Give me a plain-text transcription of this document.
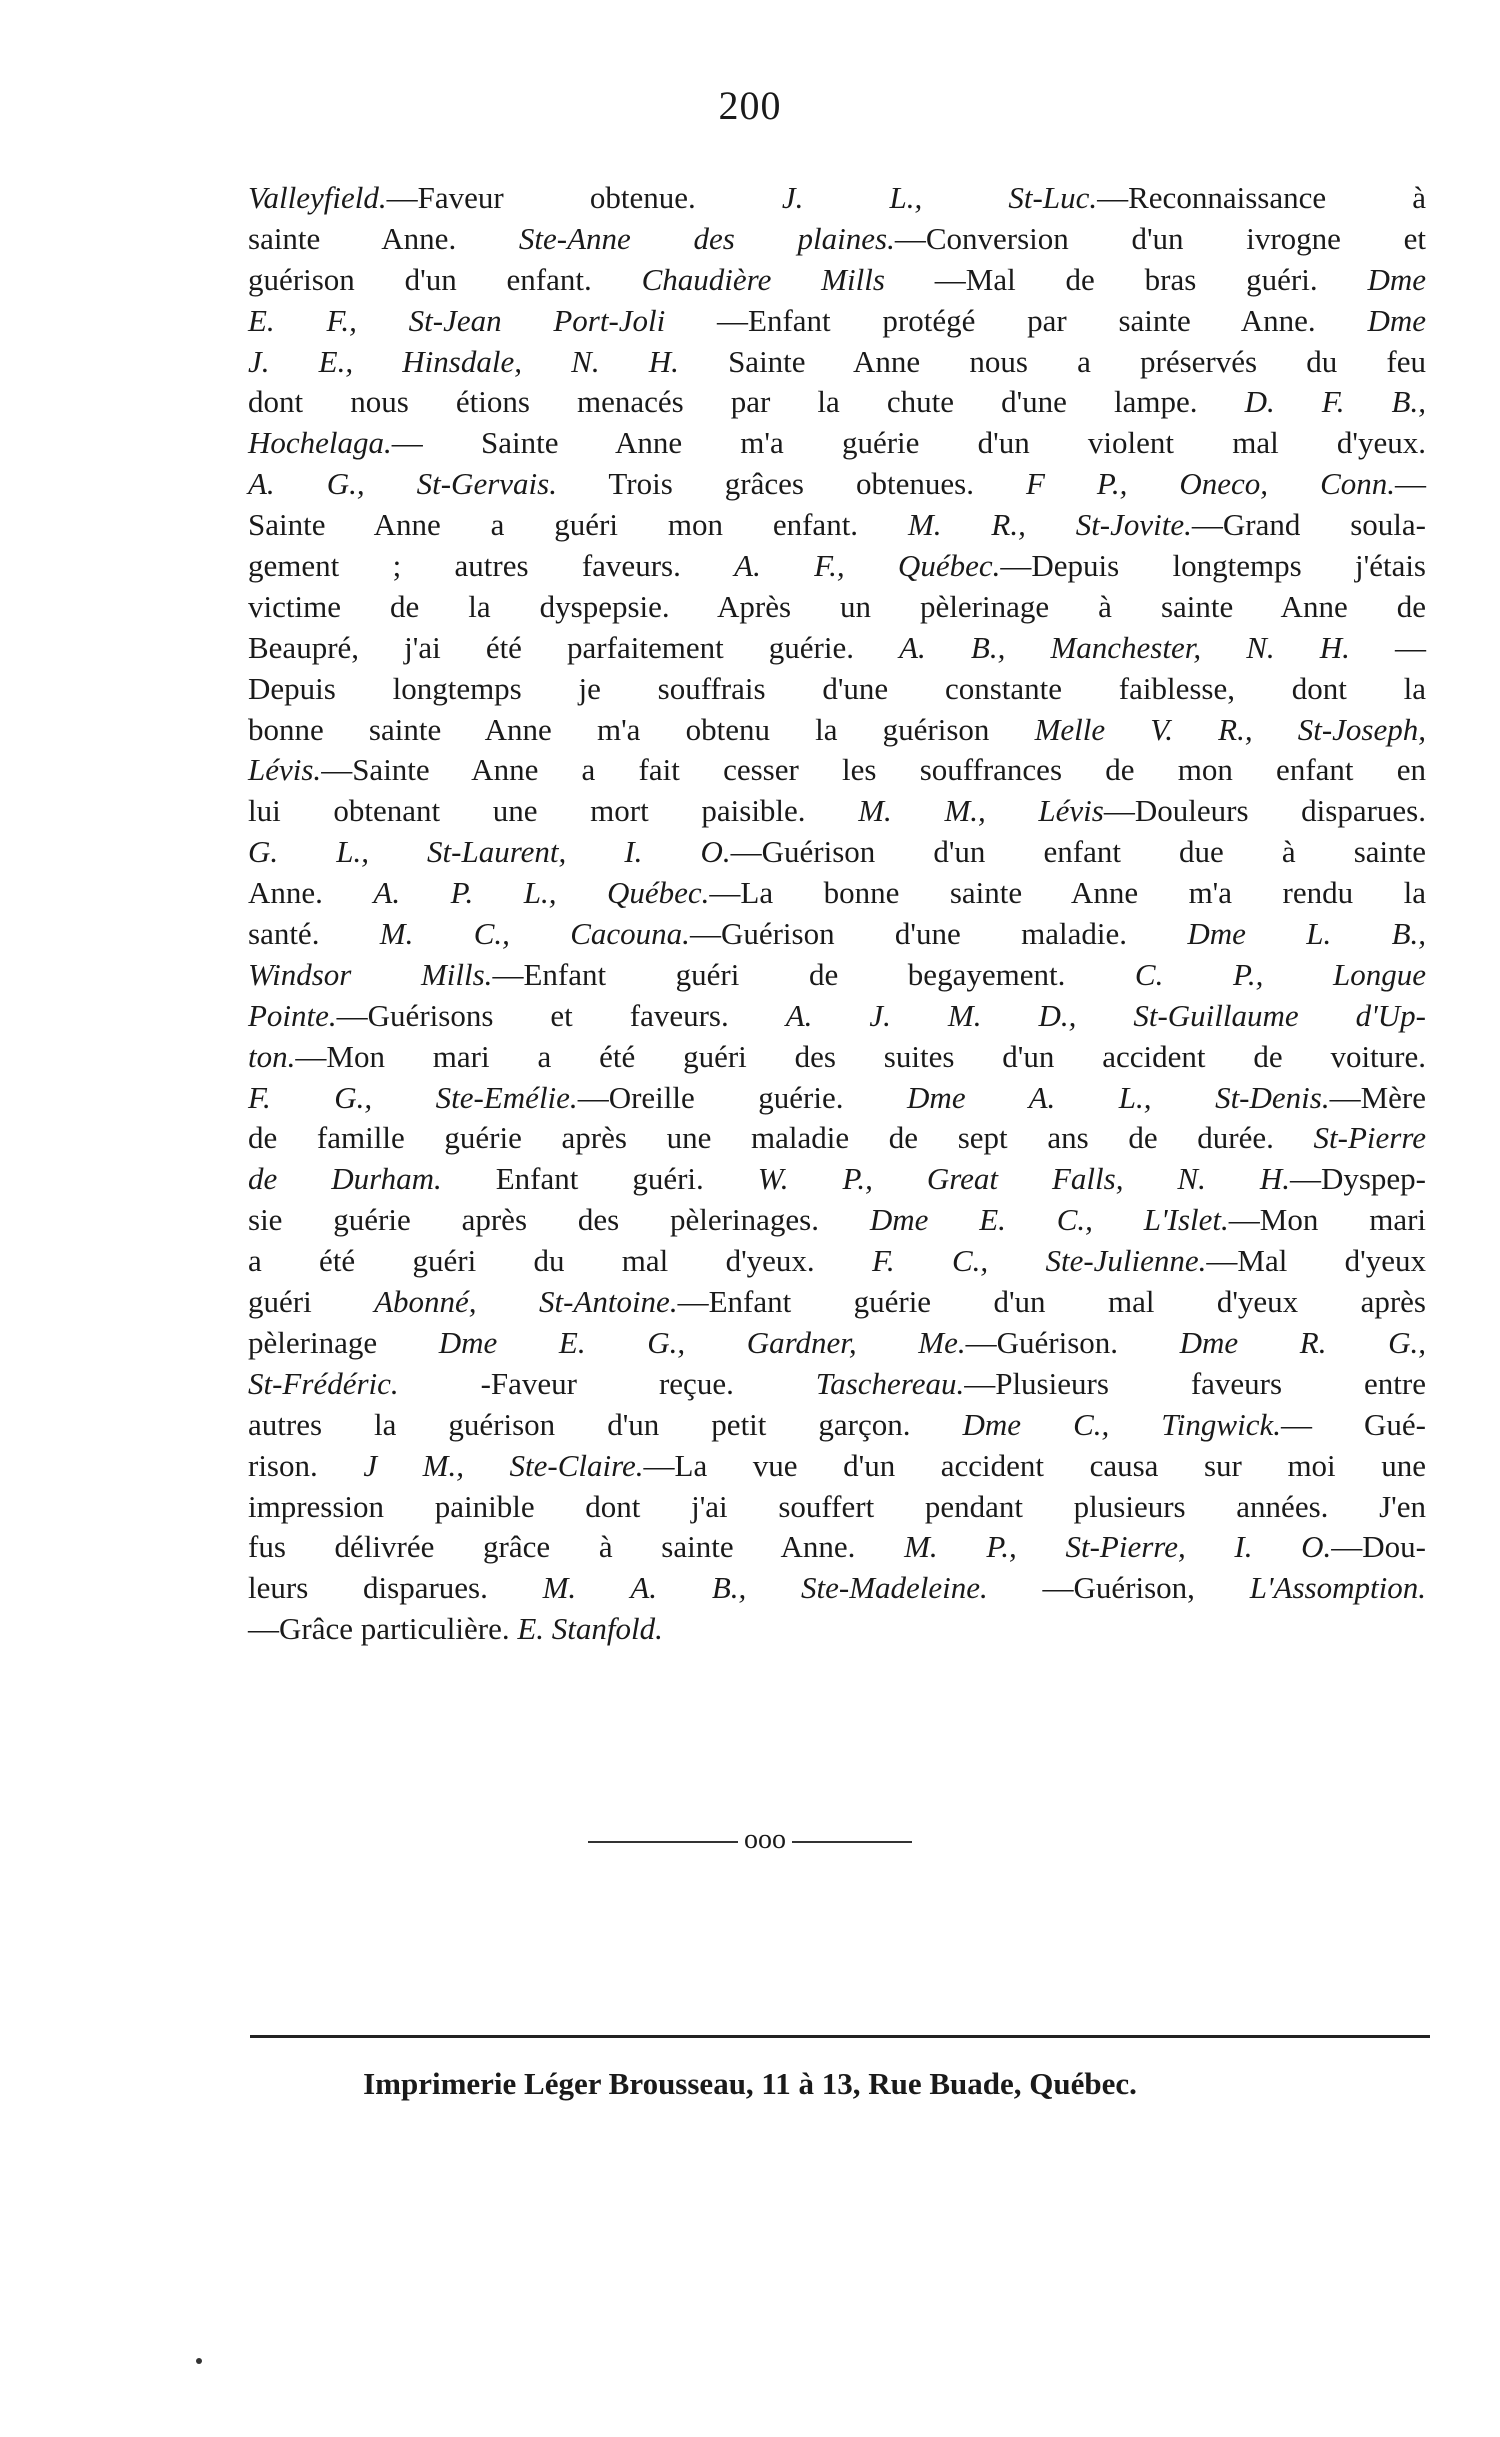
200
Valleyfield.—Faveur obtenue. J. L., St-Luc.—Reconnaissance à
sainte Anne. Ste-Anne des plaines.—Conversion d'un ivrogne et
guérison d'un enfant. Chaudière Mills —Mal de bras guéri. Dme
E. F., St-Jean Port-Joli —Enfant protégé par sainte Anne. Dme
J. E., Hinsdale, N. H. Sainte Anne nous a préservés du feu
dont nous étions menacés par la chute d'une lampe. D. F. B.,
Hochelaga.— Sainte Anne m'a guérie d'un violent mal d'yeux.
A. G., St-Gervais. Trois grâces obtenues. F P., Oneco, Conn.—
Sainte Anne a guéri mon enfant. M. R., St-Jovite.—Grand soula-
gement ; autres faveurs. A. F., Québec.—Depuis longtemps j'étais
victime de la dyspepsie. Après un pèlerinage à sainte Anne de
Beaupré, j'ai été parfaitement guérie. A. B., Manchester, N. H. —
Depuis longtemps je souffrais d'une constante faiblesse, dont la
bonne sainte Anne m'a obtenu la guérison Melle V. R., St-Joseph,
Lévis.—Sainte Anne a fait cesser les souffrances de mon enfant en
lui obtenant une mort paisible. M. M., Lévis—Douleurs disparues.
G. L., St-Laurent, I. O.—Guérison d'un enfant due à sainte
Anne. A. P. L., Québec.—La bonne sainte Anne m'a rendu la
santé. M. C., Cacouna.—Guérison d'une maladie. Dme L. B.,
Windsor Mills.—Enfant guéri de begayement. C. P., Longue
Pointe.—Guérisons et faveurs. A. J. M. D., St-Guillaume d'Up-
ton.—Mon mari a été guéri des suites d'un accident de voiture.
F. G., Ste-Emélie.—Oreille guérie. Dme A. L., St-Denis.—Mère
de famille guérie après une maladie de sept ans de durée. St-Pierre
de Durham. Enfant guéri. W. P., Great Falls, N. H.—Dyspep-
sie guérie après des pèlerinages. Dme E. C., L'Islet.—Mon mari
a été guéri du mal d'yeux. F. C., Ste-Julienne.—Mal d'yeux
guéri Abonné, St-Antoine.—Enfant guérie d'un mal d'yeux après
pèlerinage Dme E. G., Gardner, Me.—Guérison. Dme R. G.,
St-Frédéric. -Faveur reçue. Taschereau.—Plusieurs faveurs entre
autres la guérison d'un petit garçon. Dme C., Tingwick.— Gué-
rison. J M., Ste-Claire.—La vue d'un accident causa sur moi une
impression painible dont j'ai souffert pendant plusieurs années. J'en
fus délivrée grâce à sainte Anne. M. P., St-Pierre, I. O.—Dou-
leurs disparues. M. A. B., Ste-Madeleine. —Guérison, L'Assomption.
—Grâce particulière. E. Stanfold.
ooo
Imprimerie Léger Brousseau, 11 à 13, Rue Buade, Québec.
